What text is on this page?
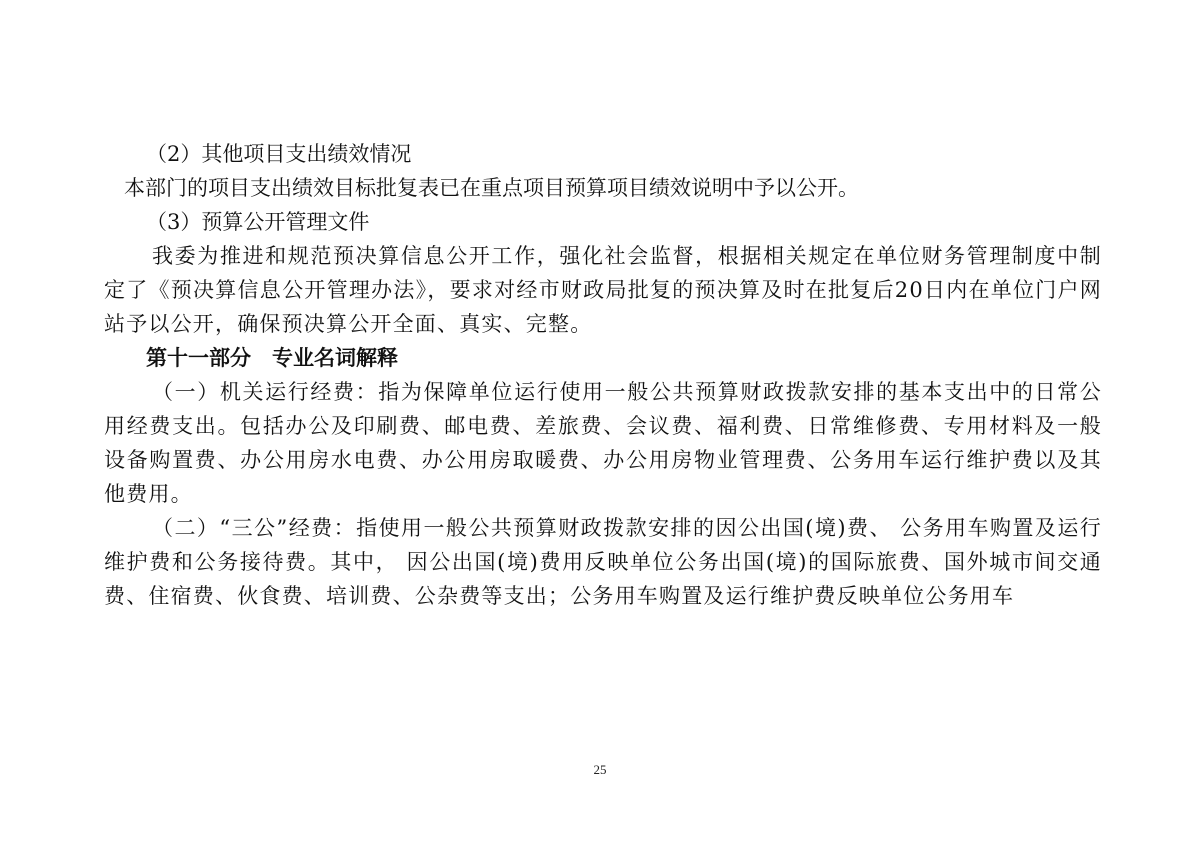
（2）其他项目支出绩效情况
本部门的项目支出绩效目标批复表已在重点项目预算项目绩效说明中予以公开。
（3）预算公开管理文件
我委为推进和规范预决算信息公开工作，强化社会监督，根据相关规定在单位财务管理制度中制定了《预决算信息公开管理办法》，要求对经市财政局批复的预决算及时在批复后20日内在单位门户网站予以公开，确保预决算公开全面、真实、完整。
第十一部分　专业名词解释
（一）机关运行经费：指为保障单位运行使用一般公共预算财政拨款安排的基本支出中的日常公用经费支出。包括办公及印刷费、邮电费、差旅费、会议费、福利费、日常维修费、专用材料及一般设备购置费、办公用房水电费、办公用房取暖费、办公用房物业管理费、公务用车运行维护费以及其他费用。
（二）“三公”经费：指使用一般公共预算财政拨款安排的因公出国(境)费、 公务用车购置及运行维护费和公务接待费。其中， 因公出国(境)费用反映单位公务出国(境)的国际旅费、国外城市间交通费、住宿费、伙食费、培训费、公杂费等支出；公务用车购置及运行维护费反映单位公务用车
25
